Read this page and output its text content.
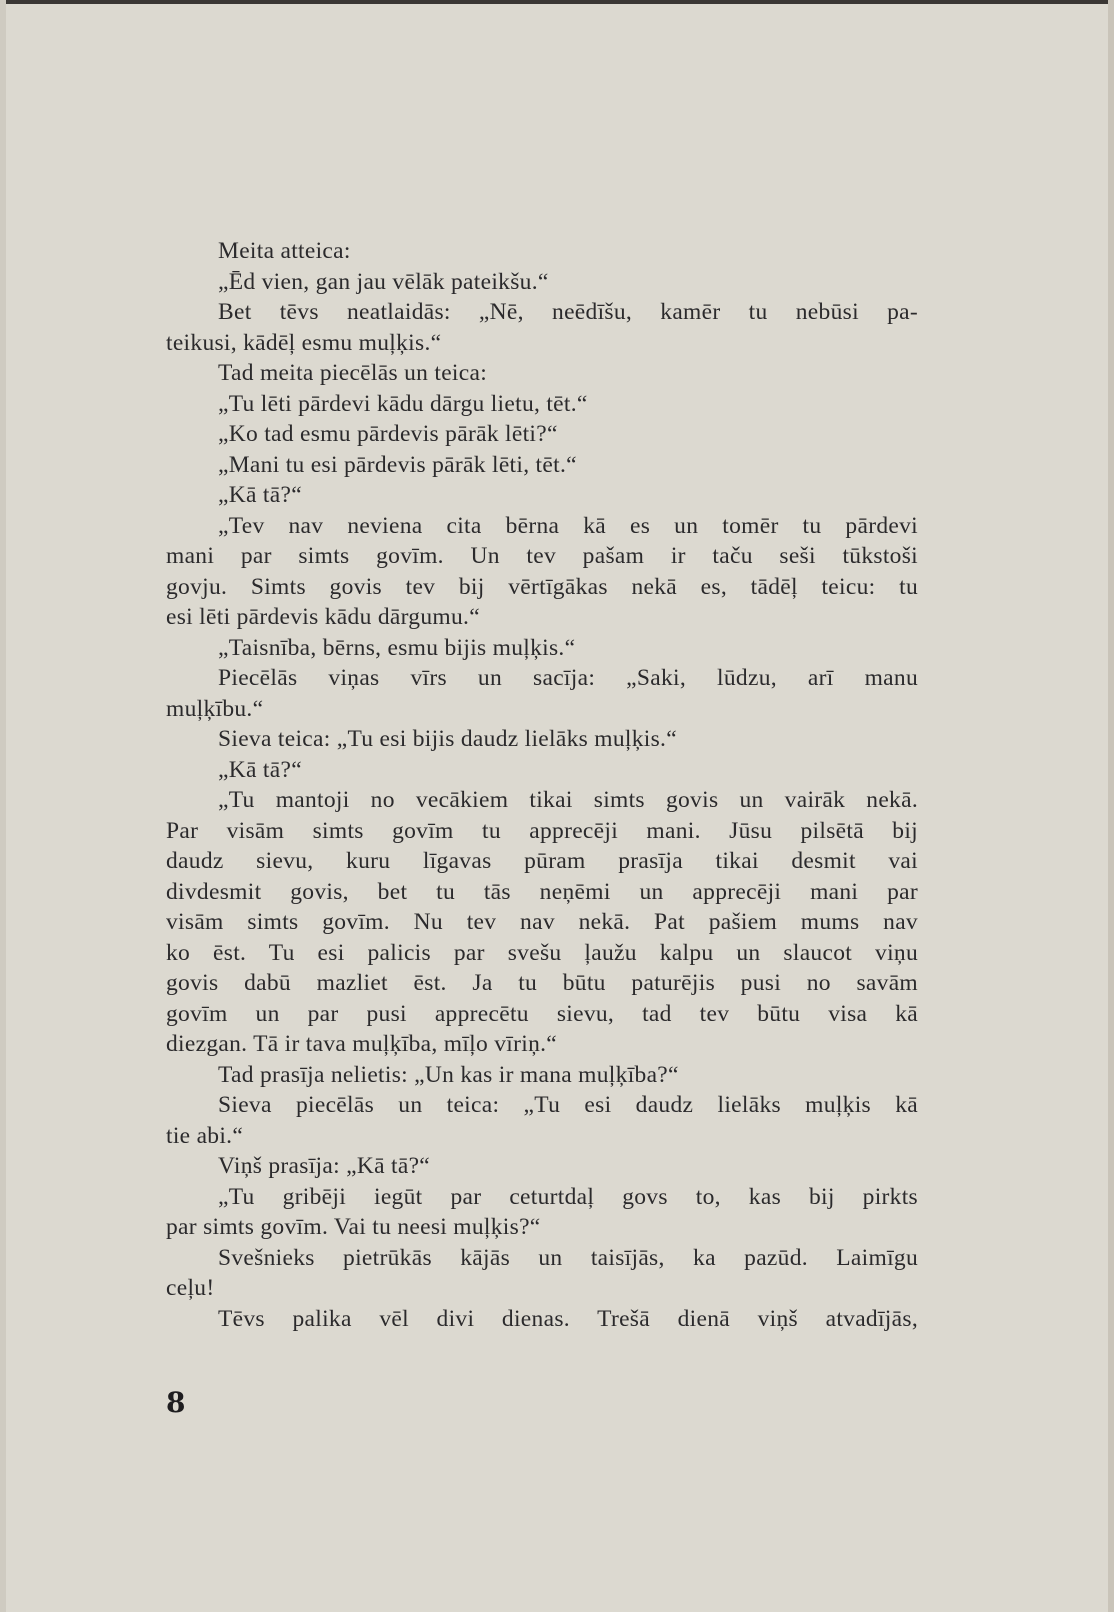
Meita atteica:
„Ēd vien, gan jau vēlāk pateikšu.“
Bet tēvs neatlaidās: „Nē, neēdīšu, kamēr tu nebūsi pa-
teikusi, kādēļ esmu muļķis.“
Tad meita piecēlās un teica:
„Tu lēti pārdevi kādu dārgu lietu, tēt.“
„Ko tad esmu pārdevis pārāk lēti?“
„Mani tu esi pārdevis pārāk lēti, tēt.“
„Kā tā?“
„Tev nav neviena cita bērna kā es un tomēr tu pārdevi
mani par simts govīm. Un tev pašam ir taču seši tūkstoši
govju. Simts govis tev bij vērtīgākas nekā es, tādēļ teicu: tu
esi lēti pārdevis kādu dārgumu.“
„Taisnība, bērns, esmu bijis muļķis.“
Piecēlās viņas vīrs un sacīja: „Saki, lūdzu, arī manu
muļķību.“
Sieva teica: „Tu esi bijis daudz lielāks muļķis.“
„Kā tā?“
„Tu mantoji no vecākiem tikai simts govis un vairāk nekā.
Par visām simts govīm tu apprecēji mani. Jūsu pilsētā bij
daudz sievu, kuru līgavas pūram prasīja tikai desmit vai
divdesmit govis, bet tu tās neņēmi un apprecēji mani par
visām simts govīm. Nu tev nav nekā. Pat pašiem mums nav
ko ēst. Tu esi palicis par svešu ļaužu kalpu un slaucot viņu
govis dabū mazliet ēst. Ja tu būtu paturējis pusi no savām
govīm un par pusi apprecētu sievu, tad tev būtu visa kā
diezgan. Tā ir tava muļķība, mīļo vīriņ.“
Tad prasīja nelietis: „Un kas ir mana muļķība?“
Sieva piecēlās un teica: „Tu esi daudz lielāks muļķis kā
tie abi.“
Viņš prasīja: „Kā tā?“
„Tu gribēji iegūt par ceturtdaļ govs to, kas bij pirkts
par simts govīm. Vai tu neesi muļķis?“
Svešnieks pietrūkās kājās un taisījās, ka pazūd. Laimīgu
ceļu!
Tēvs palika vēl divi dienas. Trešā dienā viņš atvadījās,
8
